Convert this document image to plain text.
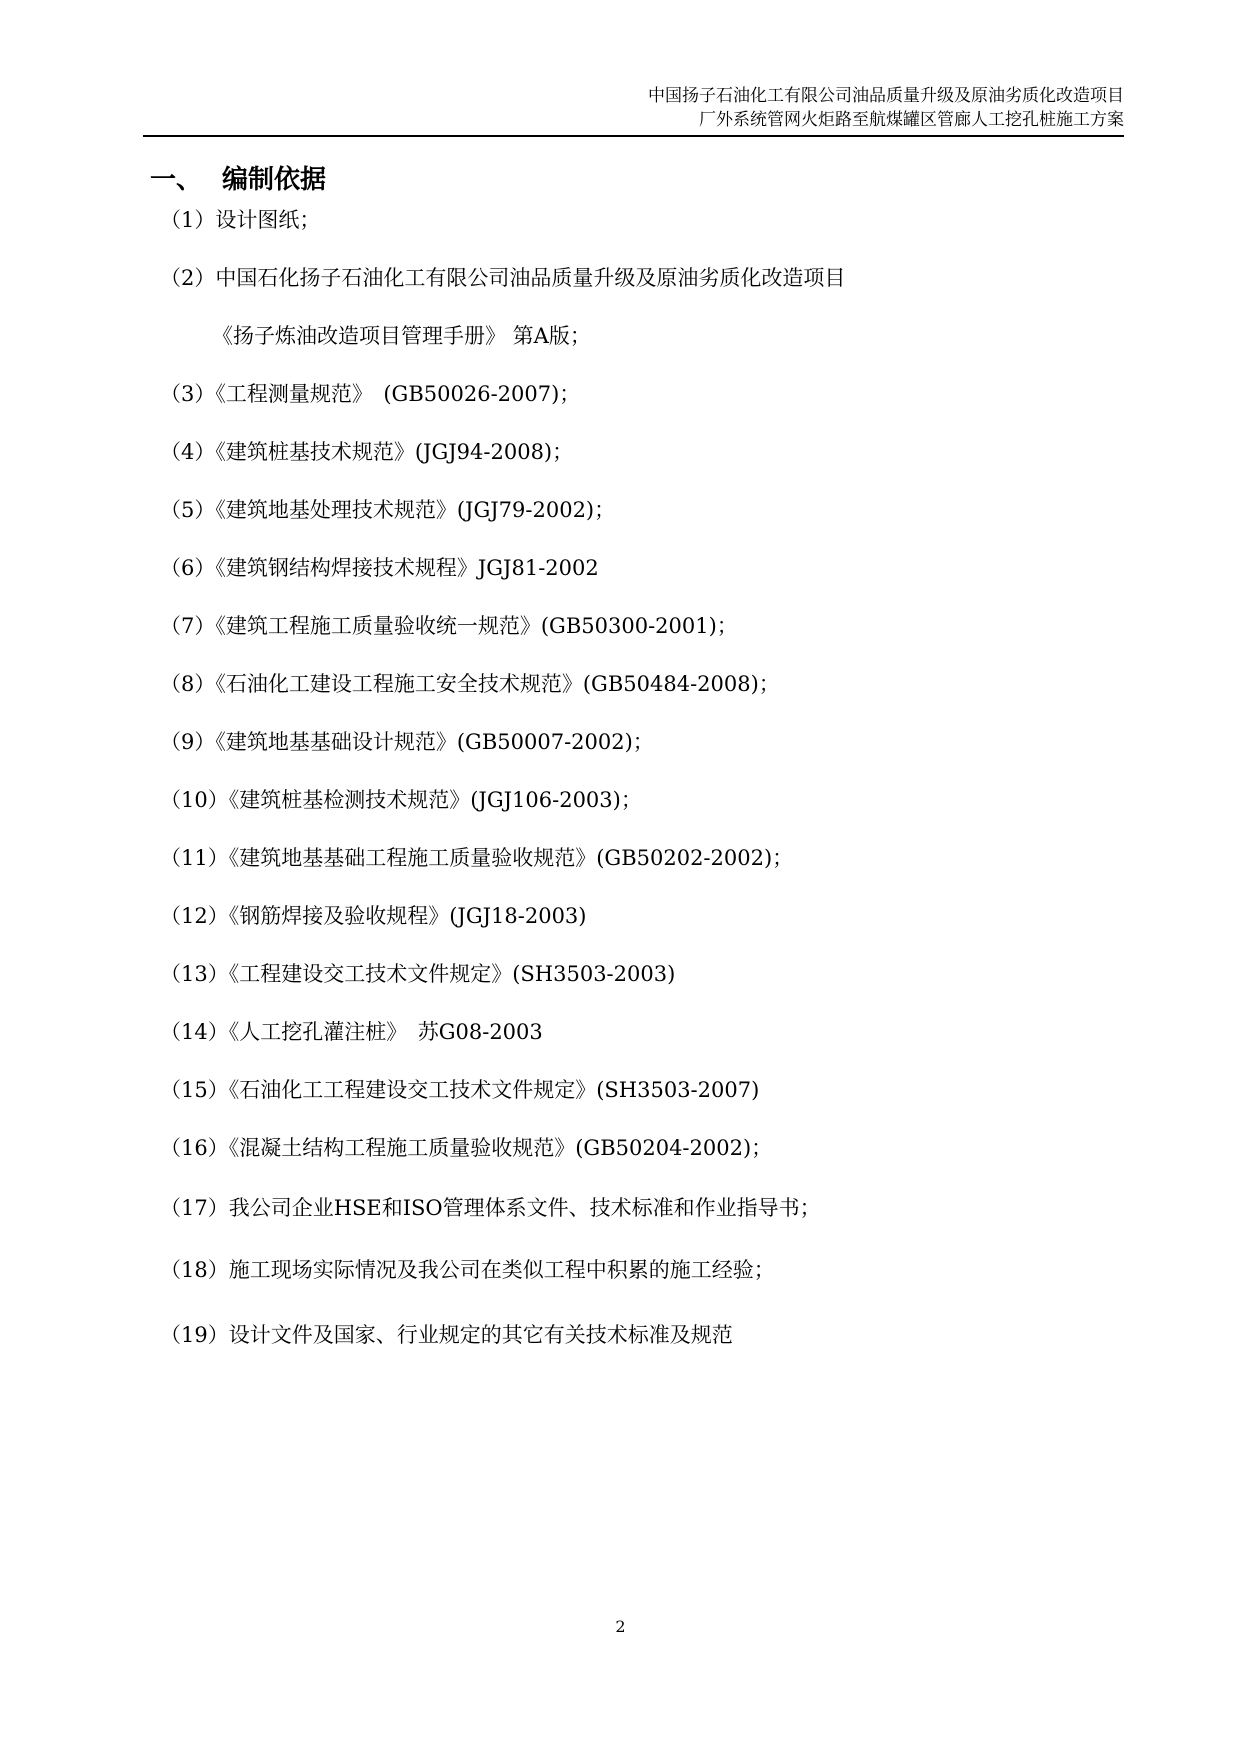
中国扬子石油化工有限公司油品质量升级及原油劣质化改造项目
厂外系统管网火炬路至航煤罐区管廊人工挖孔桩施工方案
一、 编制依据
（1）设计图纸；
（2）中国石化扬子石油化工有限公司油品质量升级及原油劣质化改造项目
《扬子炼油改造项目管理手册》 第A版；
（3）《工程测量规范》　(GB50026-2007)；
（4）《建筑桩基技术规范》(JGJ94-2008)；
（5）《建筑地基处理技术规范》(JGJ79-2002)；
（6）《建筑钢结构焊接技术规程》JGJ81-2002
（7）《建筑工程施工质量验收统一规范》(GB50300-2001)；
（8）《石油化工建设工程施工安全技术规范》(GB50484-2008)；
（9）《建筑地基基础设计规范》(GB50007-2002)；
（10）《建筑桩基检测技术规范》(JGJ106-2003)；
（11）《建筑地基基础工程施工质量验收规范》(GB50202-2002)；
（12）《钢筋焊接及验收规程》(JGJ18-2003)
（13）《工程建设交工技术文件规定》(SH3503-2003)
（14）《人工挖孔灌注桩》　苏G08-2003
（15）《石油化工工程建设交工技术文件规定》(SH3503-2007)
（16）《混凝土结构工程施工质量验收规范》(GB50204-2002)；
（17）我公司企业HSE和ISO管理体系文件、技术标准和作业指导书；
（18）施工现场实际情况及我公司在类似工程中积累的施工经验；
（19）设计文件及国家、行业规定的其它有关技术标准及规范
2
